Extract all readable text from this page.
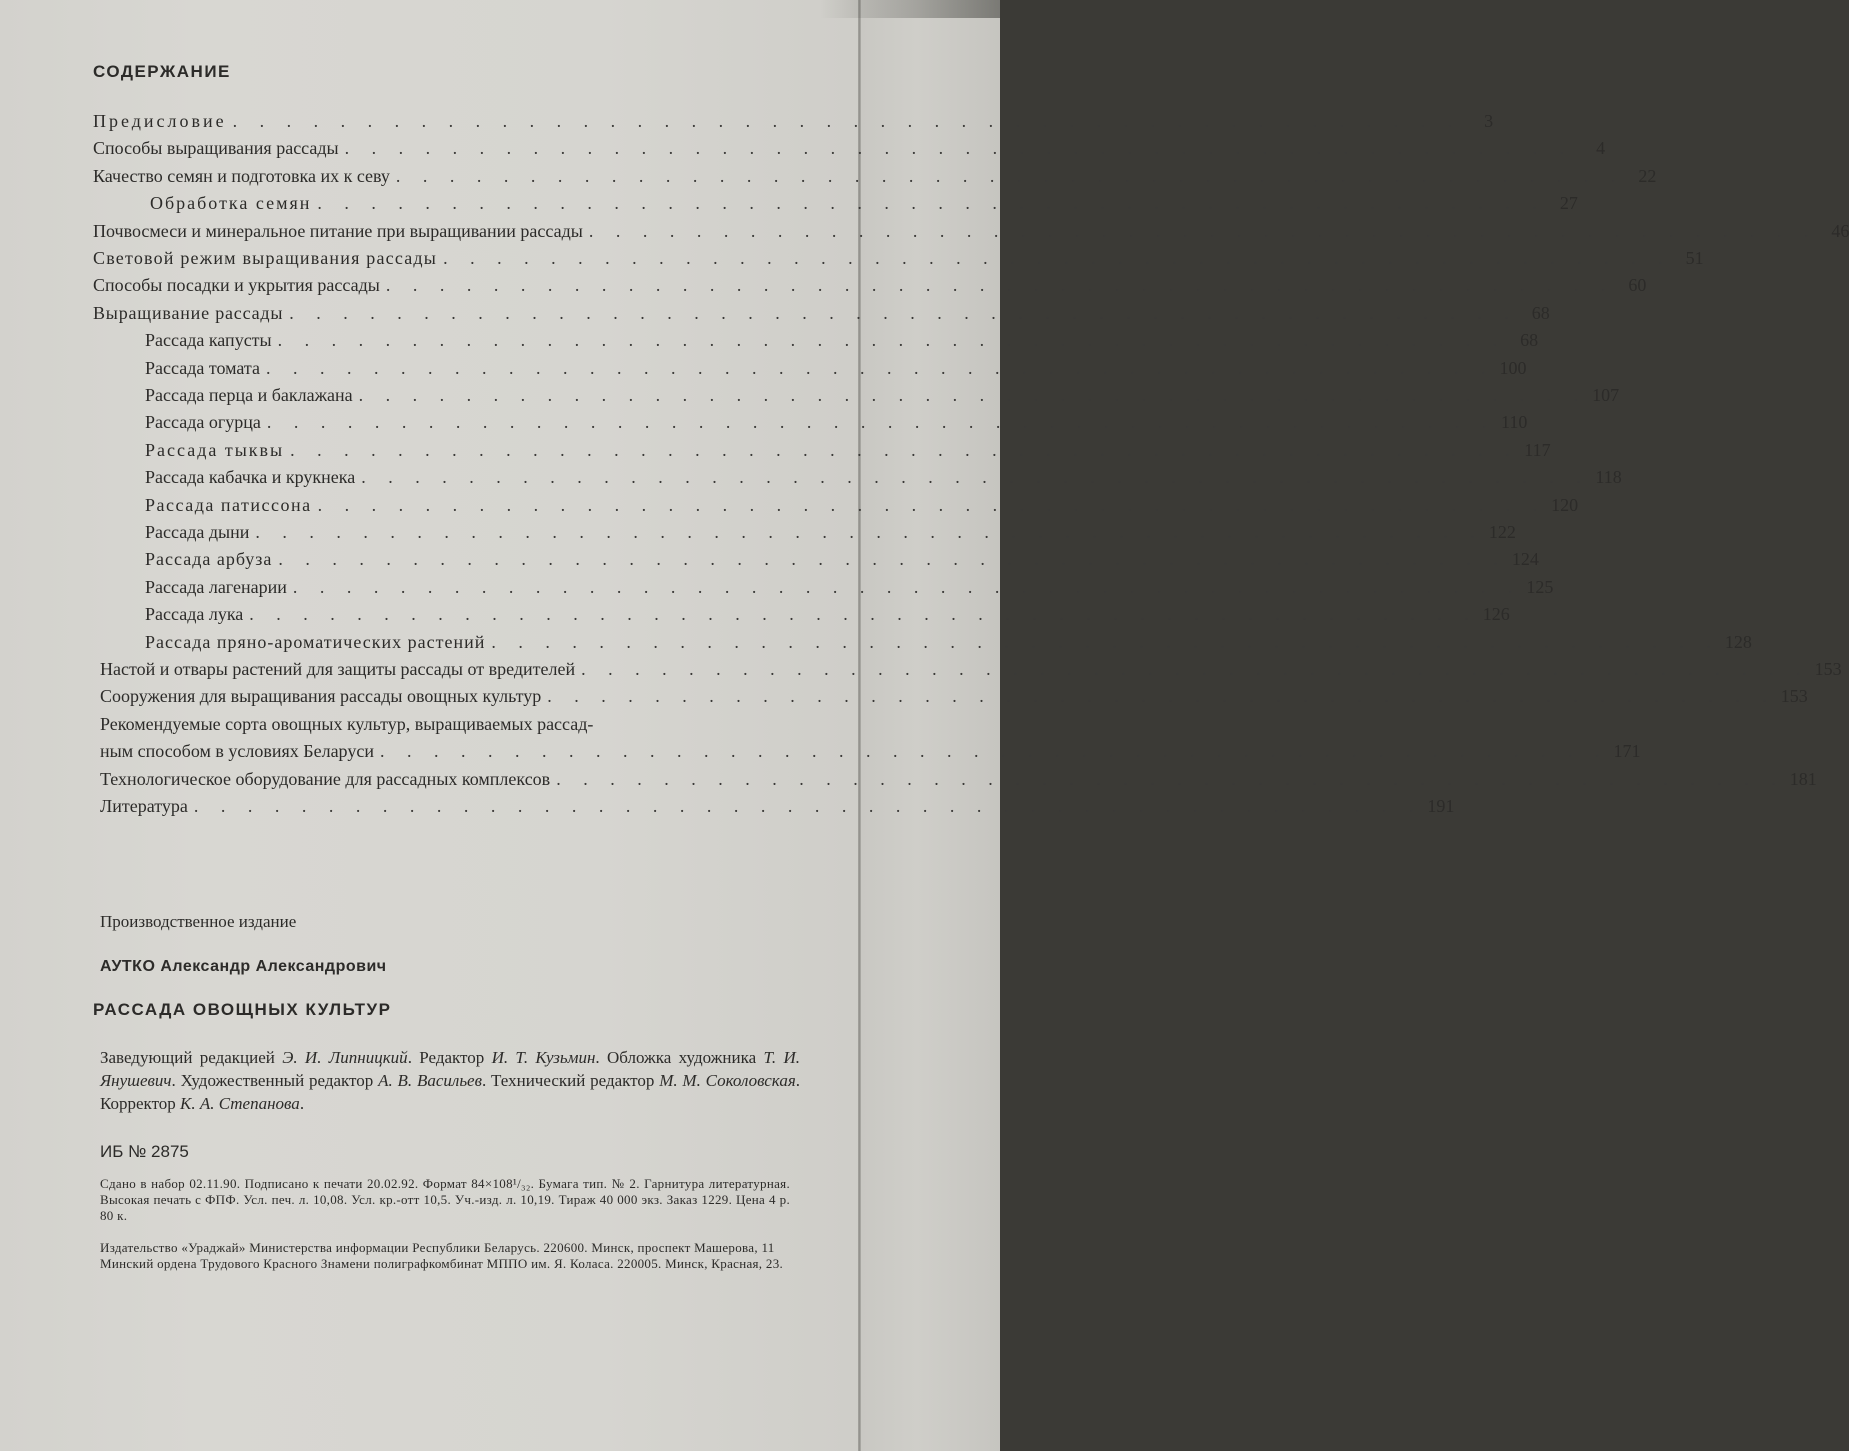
СОДЕРЖАНИЕ
Предисловие . . . . . . . . . . . . . . . . . . . . . . . . . . . . . . . . . . . . . . . . . . . . . .	3
Способы выращивания рассады . . . . . . . . . . . . . . . . . . . . . . . . . . . . . . . . . . . . . . . . . . . . . .	4
Качество семян и подготовка их к севу . . . . . . . . . . . . . . . . . . . . . . . . . . . . . . . . . . . . . . . . . . . . . . 22
Обработка семян . . . . . . . . . . . . . . . . . . . . . . . . . . . . . . . . . . . . . . . . . . . . . . 27
Почвосмеси и минеральное питание при выращивании рассады . . . . . . . . . . . . . . . . . . . . . . . . . . . . . . . . . . . . . . . . . . . . . . 46
Световой режим выращивания рассады . . . . . . . . . . . . . . . . . . . . . . . . . . . . . . . . . . . . . . . . . . . . . . 51
Способы посадки и укрытия рассады . . . . . . . . . . . . . . . . . . . . . . . . . . . . . . . . . . . . . . . . . . . . . . 60
Выращивание рассады . . . . . . . . . . . . . . . . . . . . . . . . . . . . . . . . . . . . . . . . . . . . . . 68
Рассада капусты . . . . . . . . . . . . . . . . . . . . . . . . . . . . . . . . . . . . . . . . . . . . . . 68
Рассада томата . . . . . . . . . . . . . . . . . . . . . . . . . . . . . . . . . . . . . . . . . . . . . . 100
Рассада перца и баклажана . . . . . . . . . . . . . . . . . . . . . . . . . . . . . . . . . . . . . . . . . . . . . . 107
Рассада огурца . . . . . . . . . . . . . . . . . . . . . . . . . . . . . . . . . . . . . . . . . . . . . . 110
Рассада тыквы . . . . . . . . . . . . . . . . . . . . . . . . . . . . . . . . . . . . . . . . . . . . . . 117
Рассада кабачка и крукнека . . . . . . . . . . . . . . . . . . . . . . . . . . . . . . . . . . . . . . . . . . . . . . 118
Рассада патиссона . . . . . . . . . . . . . . . . . . . . . . . . . . . . . . . . . . . . . . . . . . . . . . 120
Рассада дыни . . . . . . . . . . . . . . . . . . . . . . . . . . . . . . . . . . . . . . . . . . . . . . 122
Рассада арбуза . . . . . . . . . . . . . . . . . . . . . . . . . . . . . . . . . . . . . . . . . . . . . . 124
Рассада лагенарии . . . . . . . . . . . . . . . . . . . . . . . . . . . . . . . . . . . . . . . . . . . . . . 125
Рассада лука . . . . . . . . . . . . . . . . . . . . . . . . . . . . . . . . . . . . . . . . . . . . . . 126
Рассада пряно-ароматических растений . . . . . . . . . . . . . . . . . . . . . . . . . . . . . . . . . . . . . . . . . . . . . . 128
Настой и отвары растений для защиты рассады от вредителей . . . . . . . . . . . . . . . . . . . . . . . . . . . . . . . . . . . . . . . . . . . . . . 153
Сооружения для выращивания рассады овощных культур . . . . . . . . . . . . . . . . . . . . . . . . . . . . . . . . . . . . . . . . . . . . . . 153
Рекомендуемые сорта овощных культур, выращиваемых рассад-
ным способом в условиях Беларуси . . . . . . . . . . . . . . . . . . . . . . . . . . . . . . . . . . . . . . . . . . . . . . 171
Технологическое оборудование для рассадных комплексов . . . . . . . . . . . . . . . . . . . . . . . . . . . . . . . . . . . . . . . . . . . . . . 181
Литература . . . . . . . . . . . . . . . . . . . . . . . . . . . . . . . . . . . . . . . . . . . . . . 191
Производственное издание
АУТКО Александр Александрович
РАССАДА ОВОЩНЫХ КУЛЬТУР
Заведующий редакцией Э. И. Липницкий. Редактор И. Т. Кузьмин. Обложка художника Т. И. Янушевич. Художественный редактор А. В. Васильев. Технический редактор М. М. Соколовская. Корректор К. А. Степанова.
ИБ № 2875
Сдано в набор 02.11.90. Подписано к печати 20.02.92. Формат 84×108¹/₃₂. Бумага тип. № 2. Гарнитура литературная. Высокая печать с ФПФ. Усл. печ. л. 10,08. Усл. кр.-отт 10,5. Уч.-изд. л. 10,19. Тираж 40 000 экз. Заказ 1229. Цена 4 р. 80 к.
Издательство «Ураджай» Министерства информации Республики Беларусь. 220600. Минск, проспект Машерова, 11
Минский ордена Трудового Красного Знамени полиграфкомбинат МППО им. Я. Коласа. 220005. Минск, Красная, 23.
